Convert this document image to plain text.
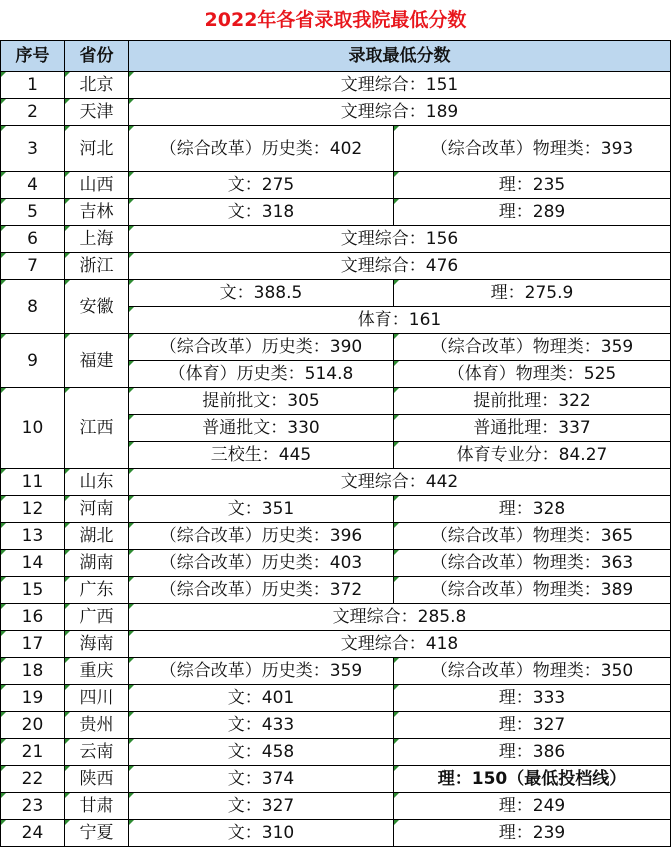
2022年各省录取我院最低分数
序号	省份	录取最低分数	
1	北京	文理综合：151	
2	天津	文理综合：189	
3	河北	（综合改革）历史类：402	（综合改革）物理类：393
4	山西	文：275	理：235
5	吉林	文：318	理：289
6	上海	文理综合：156	
7	浙江	文理综合：476	
8	安徽	文：388.5	理：275.9
		体育：161	
9	福建	（综合改革）历史类：390	（综合改革）物理类：359
		（体育）历史类：514.8	（体育）物理类：525
10	江西	提前批文：305	提前批理：322
		普通批文：330	普通批理：337
		三校生：445	体育专业分：84.27
11	山东	文理综合：442	
12	河南	文：351	理：328
13	湖北	（综合改革）历史类：396	（综合改革）物理类：365
14	湖南	（综合改革）历史类：403	（综合改革）物理类：363
15	广东	（综合改革）历史类：372	（综合改革）物理类：389
16	广西	文理综合：285.8	
17	海南	文理综合：418	
18	重庆	（综合改革）历史类：359	（综合改革）物理类：350
19	四川	文：401	理：333
20	贵州	文：433	理：327
21	云南	文：458	理：386
22	陕西	文：374	理：150（最低投档线）
23	甘肃	文：327	理：249
24	宁夏	文：310	理：239
